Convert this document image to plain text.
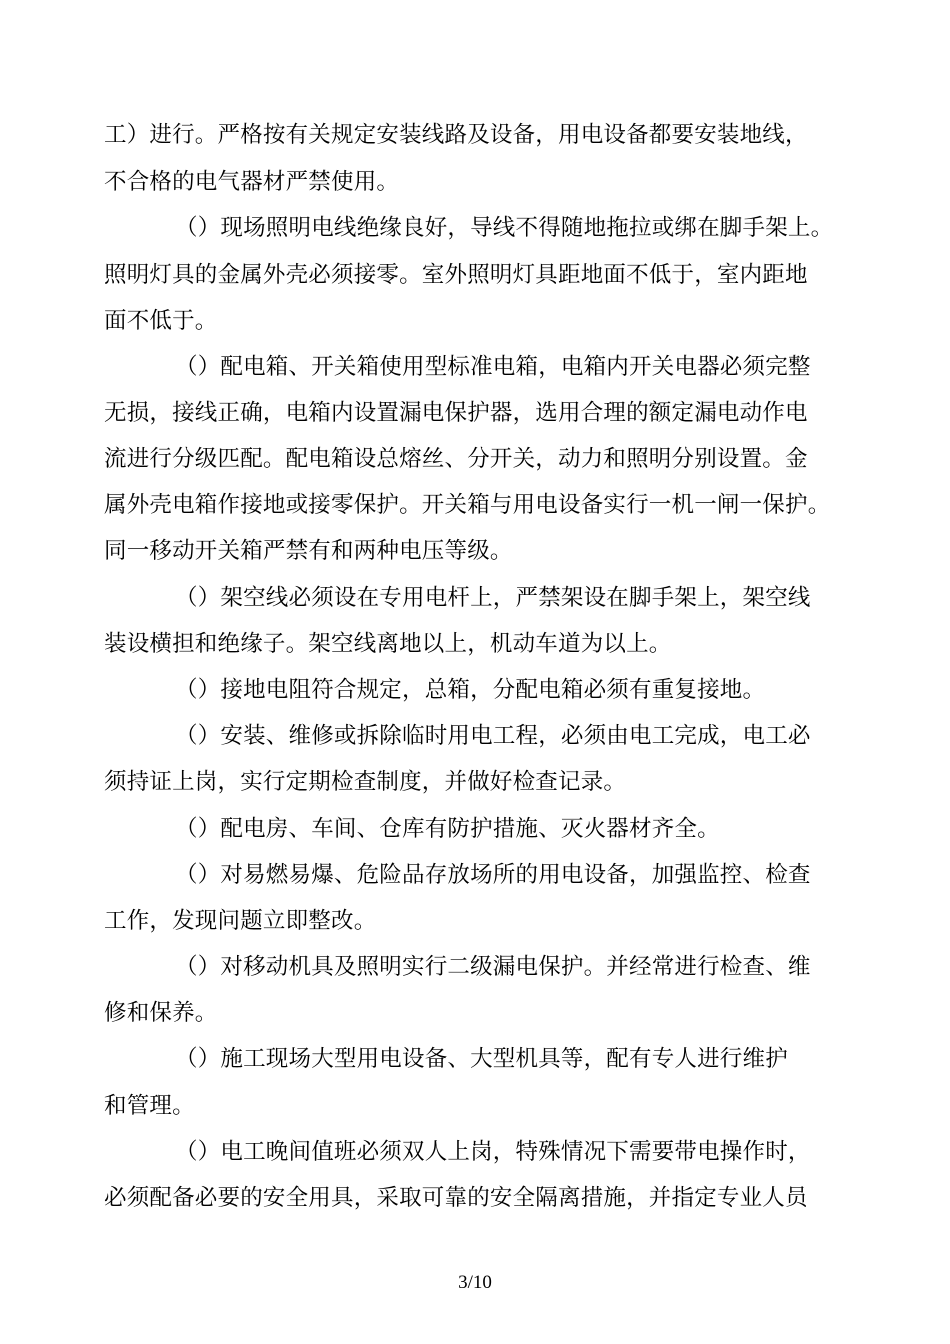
工）进行。严格按有关规定安装线路及设备，用电设备都要安装地线，
不合格的电气器材严禁使用。
（）现场照明电线绝缘良好，导线不得随地拖拉或绑在脚手架上。
照明灯具的金属外壳必须接零。室外照明灯具距地面不低于，室内距地
面不低于。
（）配电箱、开关箱使用型标准电箱，电箱内开关电器必须完整
无损，接线正确，电箱内设置漏电保护器，选用合理的额定漏电动作电
流进行分级匹配。配电箱设总熔丝、分开关，动力和照明分别设置。金
属外壳电箱作接地或接零保护。开关箱与用电设备实行一机一闸一保护。
同一移动开关箱严禁有和两种电压等级。
（）架空线必须设在专用电杆上，严禁架设在脚手架上，架空线
装设横担和绝缘子。架空线离地以上，机动车道为以上。
（）接地电阻符合规定，总箱，分配电箱必须有重复接地。
（）安装、维修或拆除临时用电工程，必须由电工完成，电工必
须持证上岗，实行定期检查制度，并做好检查记录。
（）配电房、车间、仓库有防护措施、灭火器材齐全。
（）对易燃易爆、危险品存放场所的用电设备，加强监控、检查
工作，发现问题立即整改。
（）对移动机具及照明实行二级漏电保护。并经常进行检查、维
修和保养。
（）施工现场大型用电设备、大型机具等，配有专人进行维护
和管理。
（）电工晚间值班必须双人上岗，特殊情况下需要带电操作时，
必须配备必要的安全用具，采取可靠的安全隔离措施，并指定专业人员
3/10
